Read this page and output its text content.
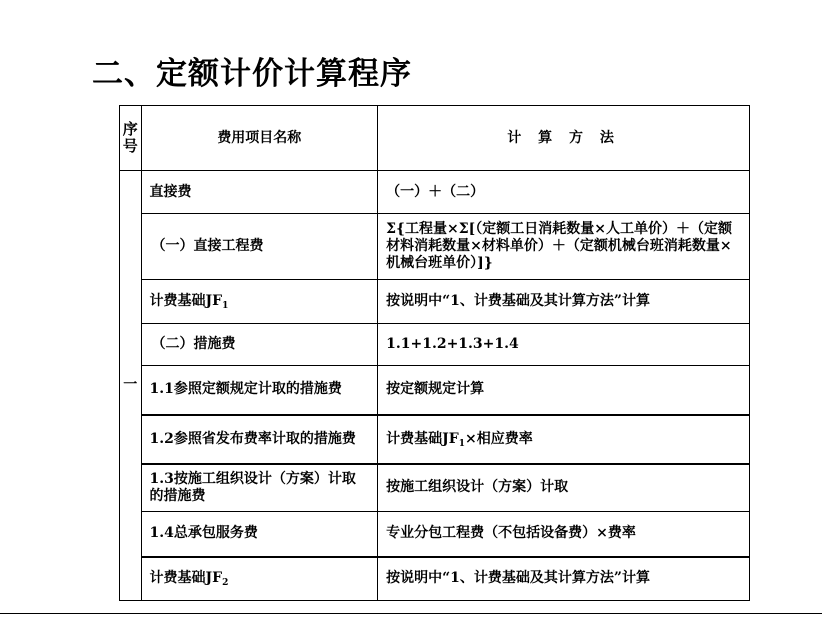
二、定额计价计算程序
序
号	费用项目名称	计 算 方 法
一	直接费	（一）＋（二）
	（一）直接工程费	Σ{工程量×Σ[（定额工日消耗数量×人工单价）＋（定额材料消耗数量×材料单价）＋（定额机械台班消耗数量×机械台班单价）]}
	计费基础$JF_1$	按说明中“1、计费基础及其计算方法”计算
	（二）措施费	1.1+1.2+1.3+1.4
	1.1参照定额规定计取的措施费	按定额规定计算
	1.2参照省发布费率计取的措施费	计费基础$JF_1\times$相应费率
	1.3按施工组织设计（方案）计取的措施费	按施工组织设计（方案）计取
	1.4总承包服务费	专业分包工程费（不包括设备费）×费率
	计费基础$JF_2$	按说明中“1、计费基础及其计算方法”计算
